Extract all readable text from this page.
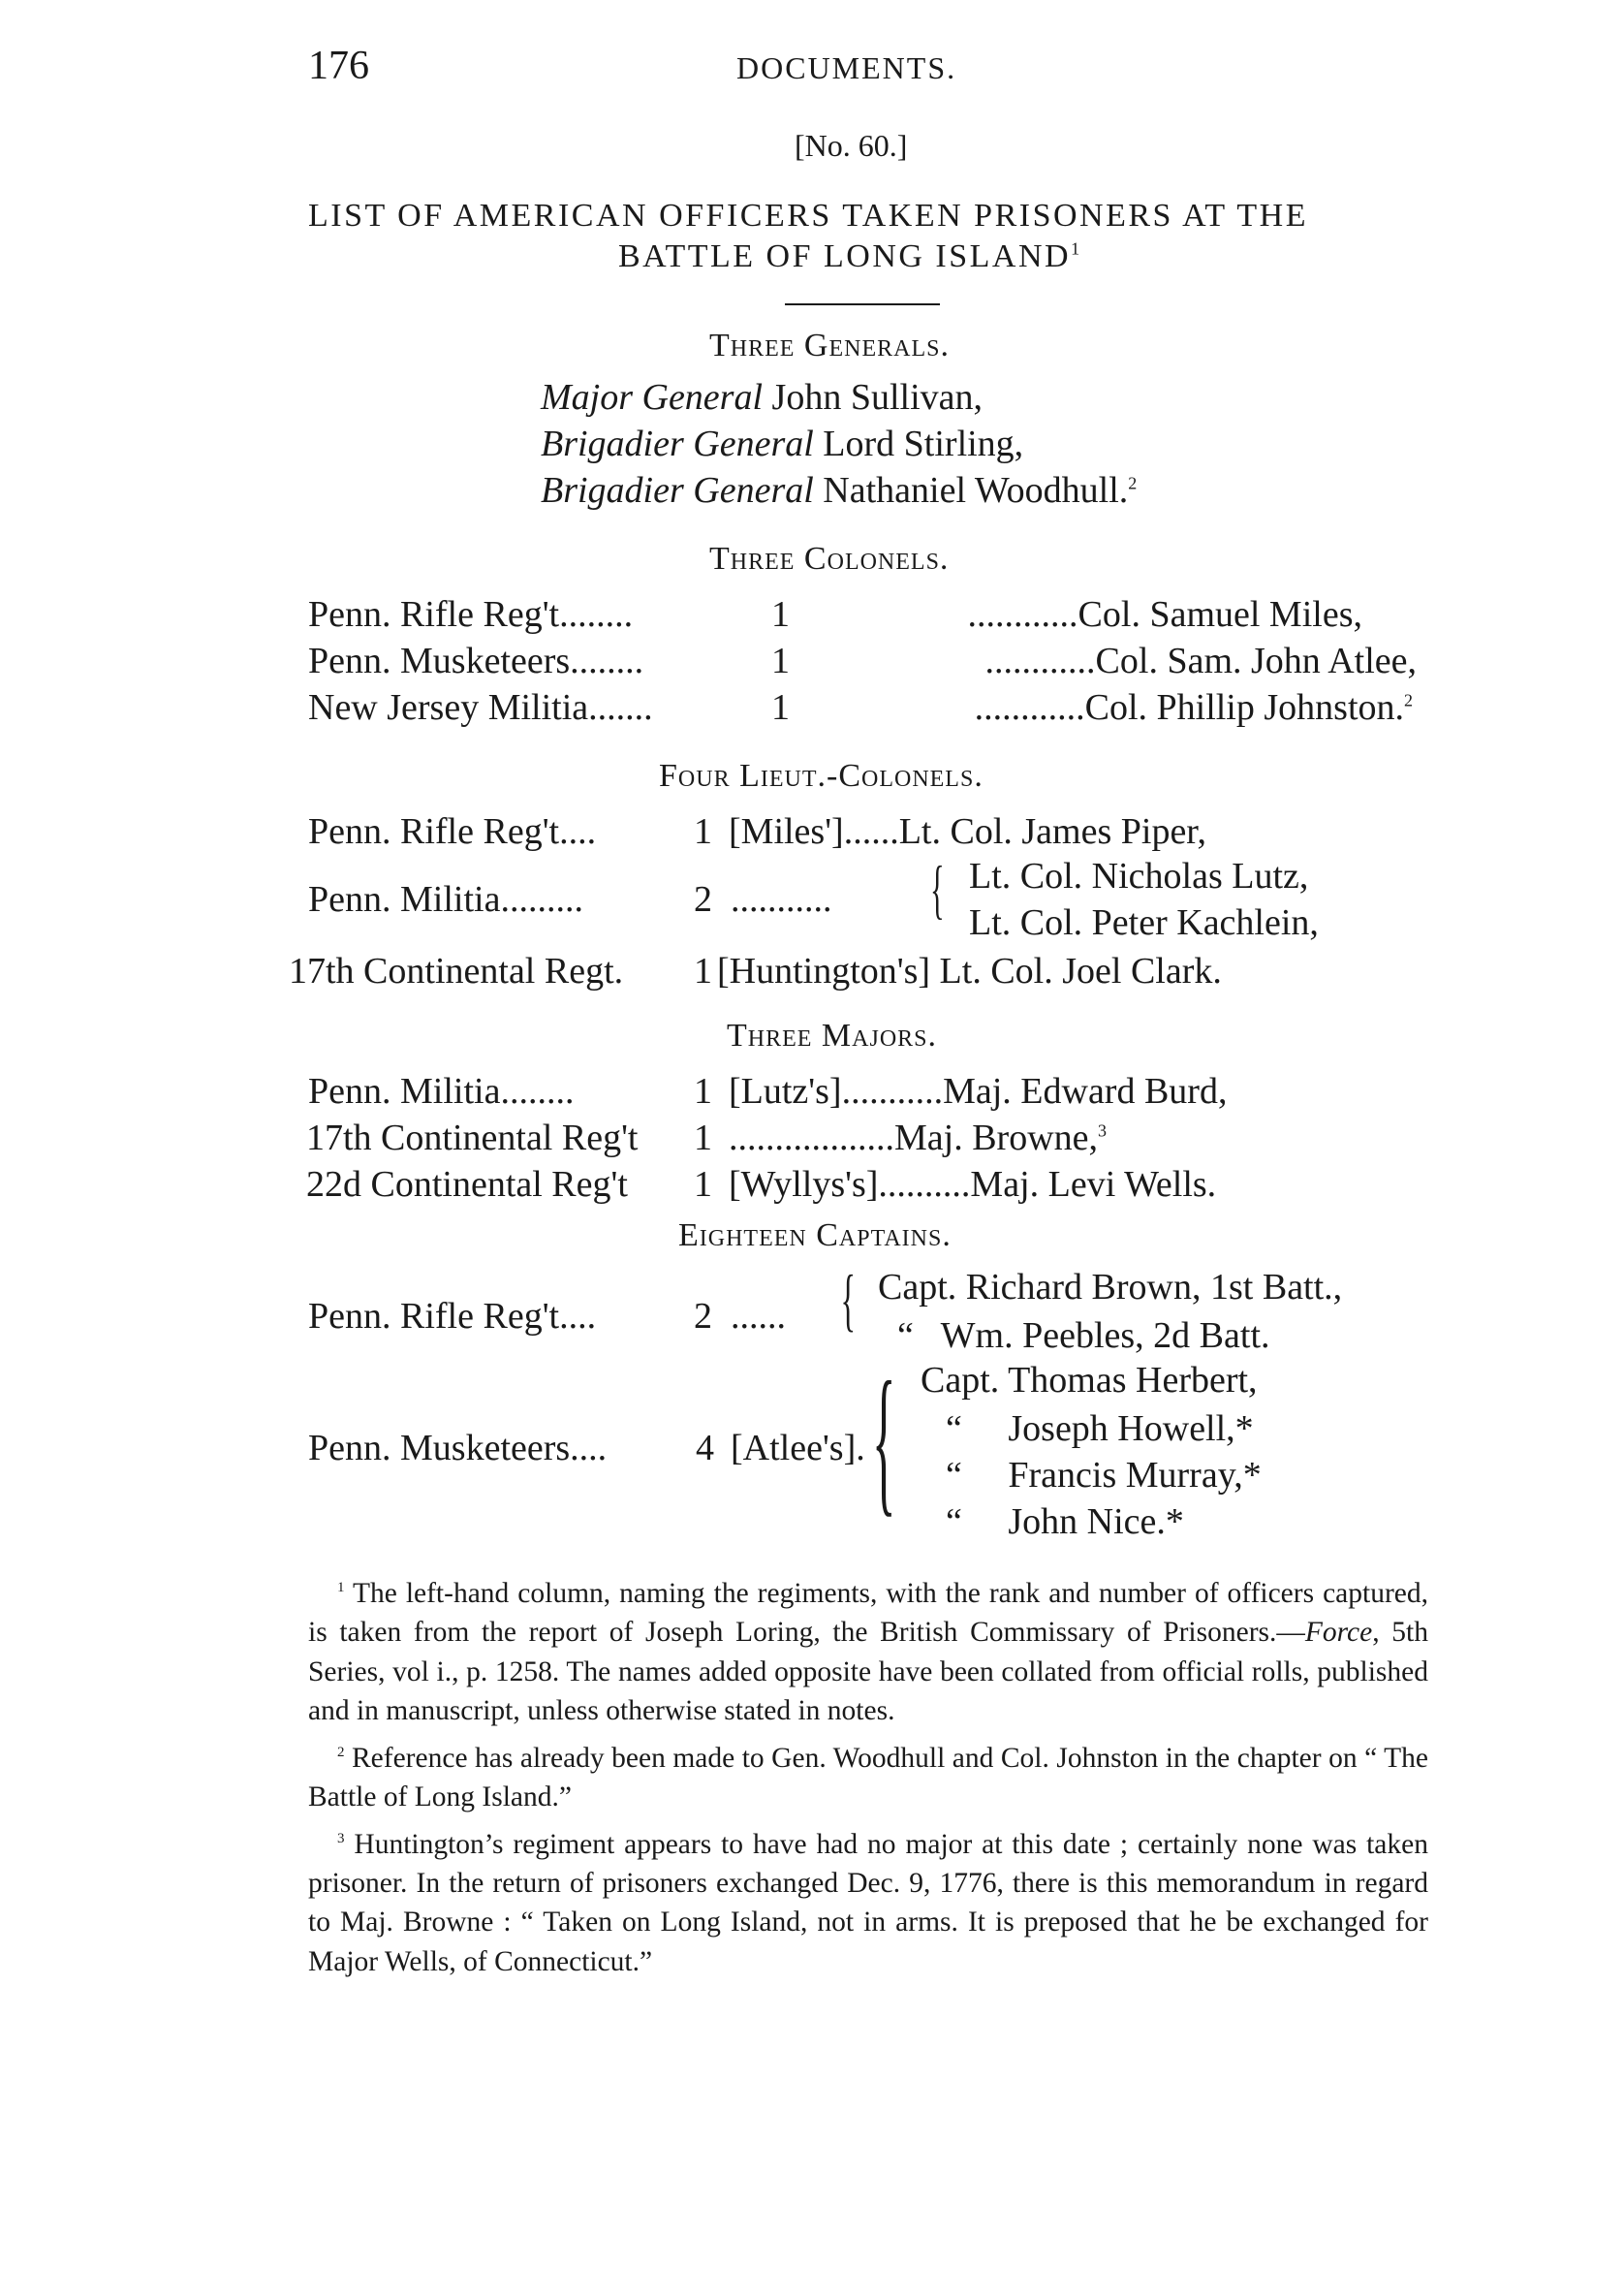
176	DOCUMENTS.
[No. 60.]
LIST OF AMERICAN OFFICERS TAKEN PRISONERS AT THE
BATTLE OF LONG ISLAND$^1$
Three Generals.
Major General John Sullivan,
Brigadier General Lord Stirling,
Brigadier General Nathaniel Woodhull.$^2$
Three Colonels.
Penn. Rifle Reg't........	1	............Col. Samuel Miles,
Penn. Musketeers........	1	............Col. Sam. John Atlee,
New Jersey Militia.......	1	............Col. Phillip Johnston.$^2$
Four Lieut.-Colonels.
Penn. Rifle Reg't....	1 [Miles']......Lt. Col. James Piper,
Penn. Militia.........	2 ........... { Lt. Col. Nicholas Lutz,
Lt. Col. Peter Kachlein,
17th Continental Regt. 1 [Huntington's] Lt. Col. Joel Clark.
Three Majors.
Penn. Militia........	1 [Lutz's]...........Maj. Edward Burd,
17th Continental Reg't 1 ..................Maj. Browne,$^3$
22d Continental Reg't 1 [Wyllys's]..........Maj. Levi Wells.
Eighteen Captains.
Penn. Rifle Reg't....	2 ...... { Capt. Richard Brown, 1st Batt.,
“   Wm. Peebles, 2d Batt.
Penn. Musketeers.... 4 [Atlee's]. { Capt. Thomas Herbert,
“     Joseph Howell,*
“     Francis Murray,*
“     John Nice.*

$^1$ The left-hand column, naming the regiments, with the rank and number of officers captured, is taken from the report of Joseph Loring, the British Commissary of Prisoners.—Force, 5th Series, vol i., p. 1258. The names added opposite have been collated from official rolls, published and in manuscript, unless otherwise stated in notes.

$^2$ Reference has already been made to Gen. Woodhull and Col. Johnston in the chapter on “ The Battle of Long Island.”

$^3$ Huntington’s regiment appears to have had no major at this date ; certainly none was taken prisoner. In the return of prisoners exchanged Dec. 9, 1776, there is this memorandum in regard to Maj. Browne : “ Taken on Long Island, not in arms. It is preposed that he be exchanged for Major Wells, of Connecticut.”
